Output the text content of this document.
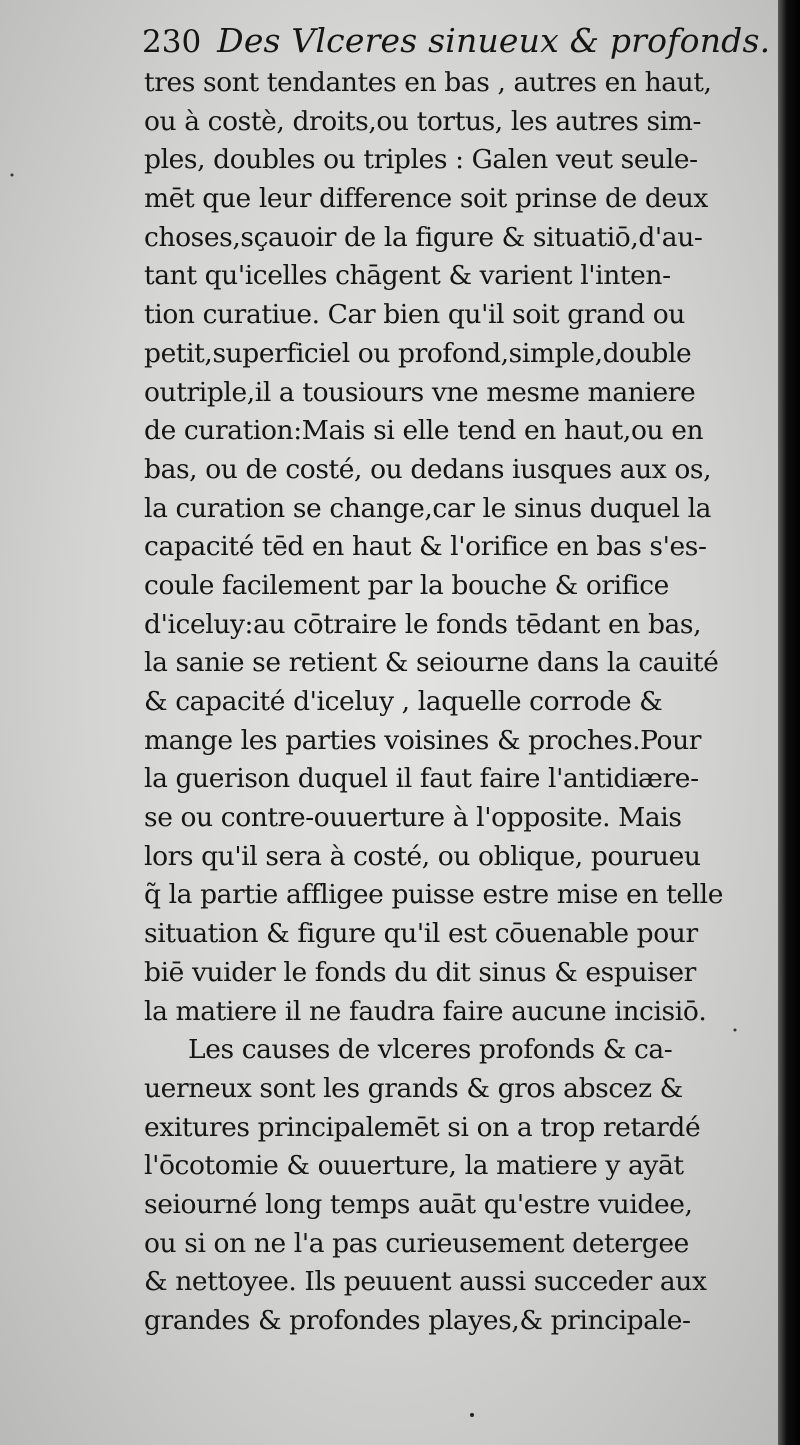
230 Des Vlceres sinueux & profonds.
tres sont tendantes en bas , autres en haut,
ou à costè, droits,ou tortus, les autres sim-
ples, doubles ou triples : Galen veut seule-
mēt que leur difference soit prinse de deux
choses,sçauoir de la figure & situatiō,d'au-
tant qu'icelles chāgent & varient l'inten-
tion curatiue. Car bien qu'il soit grand ou
petit,superficiel ou profond,simple,double
outriple,il a tousiours vne mesme maniere
de curation:Mais si elle tend en haut,ou en
bas, ou de costé, ou dedans iusques aux os,
la curation se change,car le sinus duquel la
capacité tēd en haut & l'orifice en bas s'es-
coule facilement par la bouche & orifice
d'iceluy:au cōtraire le fonds tēdant en bas,
la sanie se retient & seiourne dans la cauité
& capacité d'iceluy , laquelle corrode &
mange les parties voisines & proches.Pour
la guerison duquel il faut faire l'antidiære-
se ou contre-ouuerture à l'opposite. Mais
lors qu'il sera à costé, ou oblique, pourueu
q̃ la partie affligee puisse estre mise en telle
situation & figure qu'il est cōuenable pour
biē vuider le fonds du dit sinus & espuiser
la matiere il ne faudra faire aucune incisiō.
Les causes de vlceres profonds & ca-
uerneux sont les grands & gros abscez &
exitures principalemēt si on a trop retardé
l'ōcotomie & ouuerture, la matiere y ayāt
seiourné long temps auāt qu'estre vuidee,
ou si on ne l'a pas curieusement detergee
& nettoyee. Ils peuuent aussi succeder aux
grandes & profondes playes,& principale-
